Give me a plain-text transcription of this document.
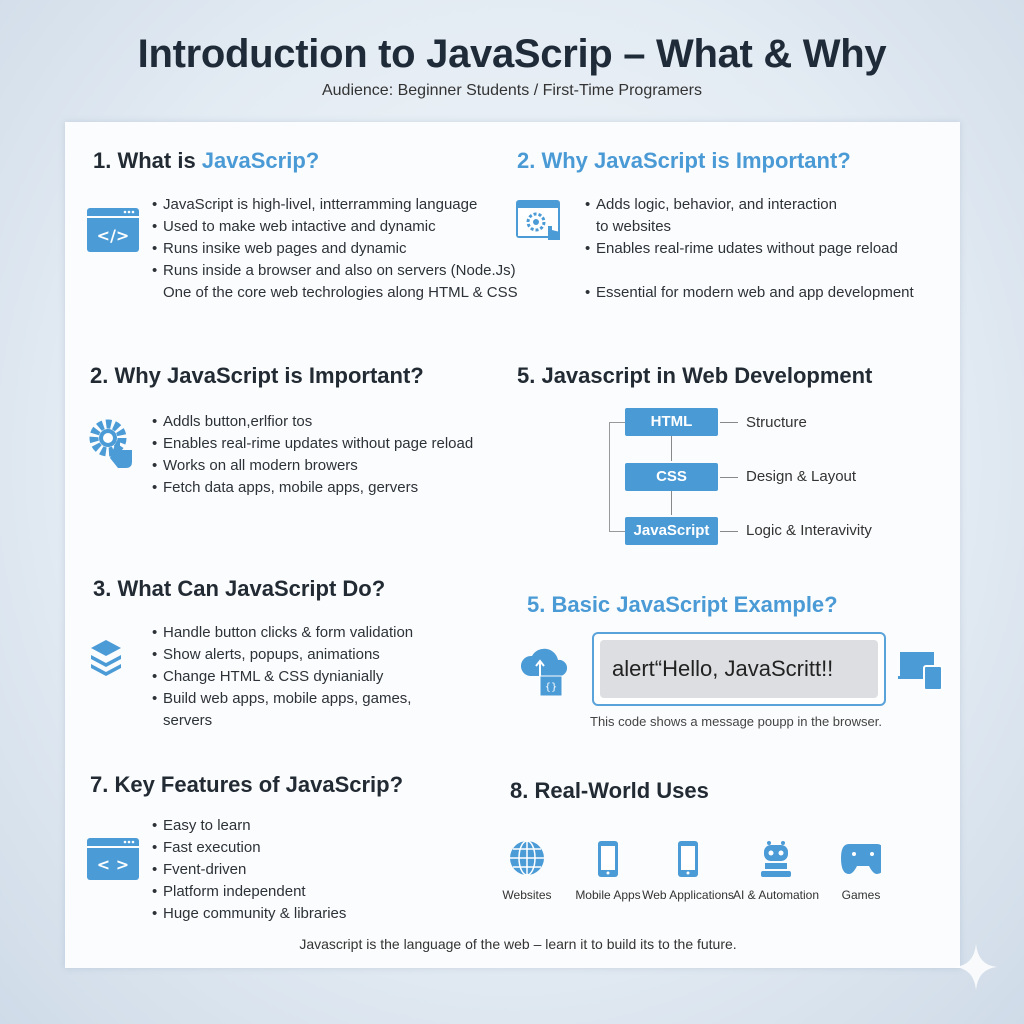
Introduction to JavaScrip – What & Why
Audience: Beginner Students / First-Time Programers
1. What is JavaScrip?
</>
• JavaScript is high-livel, intterramming language
• Used to make web intactive and dynamic
• Runs insike web pages and dynamic
• Runs inside a browser and also on servers (Node.Js)
One of the core web techrologies along HTML & CSS
2. Why JavaScript is Important?
• Adds logic, behavior, and interaction
to websites
• Enables real-rime udates without page reload

• Essential for modern web and app development
2. Why JavaScript is Important?
• Addls button,erlfior tos
• Enables real-rime updates without page reload
• Works on all modern browers
• Fetch data apps, mobile apps, gervers
5. Javascript in Web Development
HTML
CSS
JavaScript
Structure
Design & Layout
Logic & Interavivity
3. What Can JavaScript Do?
• Handle button clicks & form validation
• Show alerts, popups, animations
• Change HTML & CSS dynianially
• Build web apps, mobile apps, games,
servers
5. Basic JavaScript Example?
{}
alert“Hello, JavaScritt!!
This code shows a message poupp in the browser.
7. Key Features of JavaScrip?
< >
• Easy to learn
• Fast execution
• Fvent-driven
• Platform independent
• Huge community & libraries
8. Real-World Uses
Websites	Mobile Apps Web Applications AI & Automation	Games
Javascript is the language of the web – learn it to build its to the future.
